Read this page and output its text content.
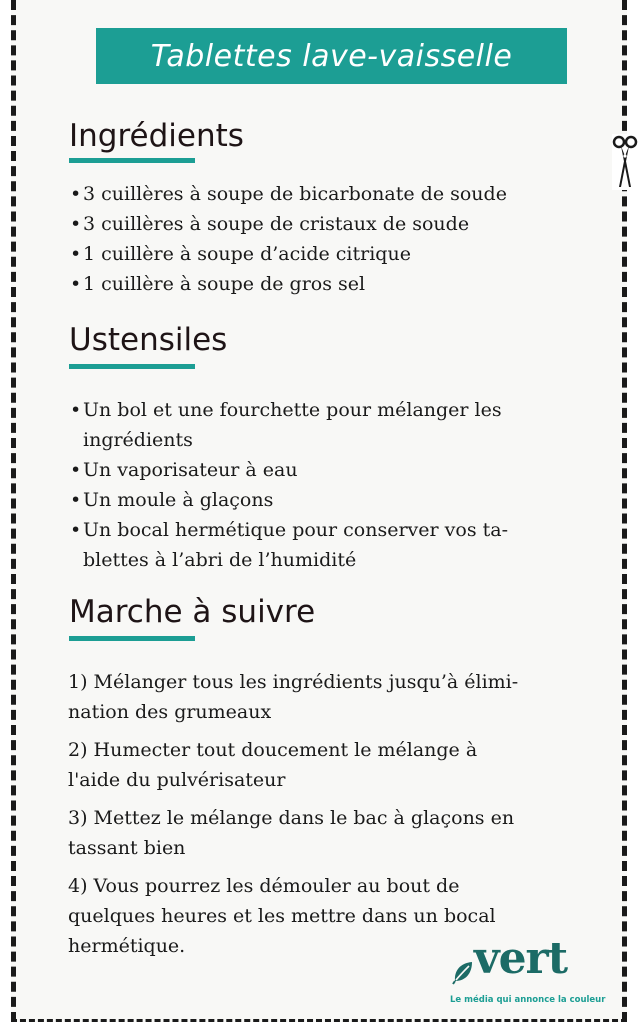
Tablettes lave-vaisselle
Ingrédients
• 3 cuillères à soupe de bicarbonate de soude
• 3 cuillères à soupe de cristaux de soude
• 1 cuillère à soupe d’acide citrique
• 1 cuillère à soupe de gros sel
Ustensiles
• Un bol et une fourchette pour mélanger les
ingrédients
• Un vaporisateur à eau
• Un moule à glaçons
• Un bocal hermétique pour conserver vos ta-
blettes à l’abri de l’humidité
Marche à suivre
1) Mélanger tous les ingrédients jusqu’à élimi-
nation des grumeaux
2) Humecter tout doucement le mélange à
l'aide du pulvérisateur
3) Mettez le mélange dans le bac à glaçons en
tassant bien
4) Vous pourrez les démouler au bout de
quelques heures et les mettre dans un bocal
hermétique.	vert
Le média qui annonce la couleur
